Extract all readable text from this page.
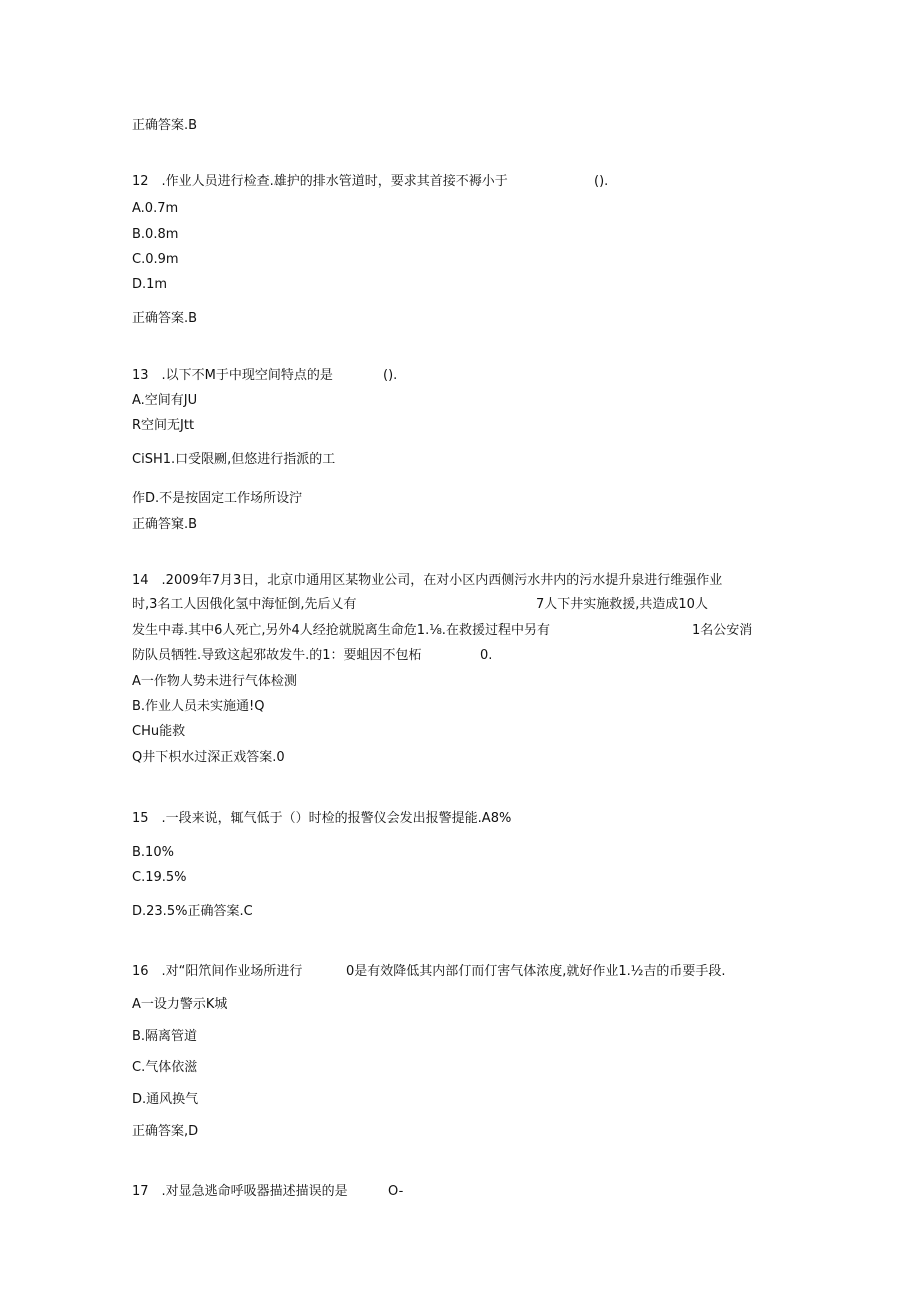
正确答案.B
12　.作业人员进行检查.雄护的排水管道时，要求其首接不褥小于	().
A.0.7m
B.0.8m
C.0.9m
D.1m
正确答案.B
13　.以下不M于中现空间特点的是	().
A.空间有JU
R空间无Jtt
CiSH1.口受限劂,但悠进行指派的工
作D.不是按固定工作场所设泞
正确答窠.B
14　.2009年7月3日，北京巾通用区某物业公司，在对小区内西侧污水井内的污水提升泉进行维强作业
时,3名工人因俄化氢中海怔倒,先后乂有	7人下井实施救援,共造成10人
发生中毒.其中6人死亡,另外4人经抢就脱离生命危1.⅛.在救援过程中另有	1名公安消
防队员牺牲.导致这起邪故发牛.的1：要蛆因不包柘	0.
A一作物人势未进行气体检测
B.作业人员未实施通!Q
CHu能救
Q井下枳水过深正戏答案.0
15　.一段来说，辄气低于（）时检的报警仪会发出报警提能.A8%
B.10%
C.19.5%
D.23.5%正确答案.C
16　.对“阳笊间作业场所进行	0是有效降低其内部仃而仃害气体浓度,就好作业1.½吉的币要手段.
A一设力警示K城
B.隔离管道
C.气体依滋
D.通风换气
正确答案,D
17　.对显急逃命呼吸器描述描误的是	O-
